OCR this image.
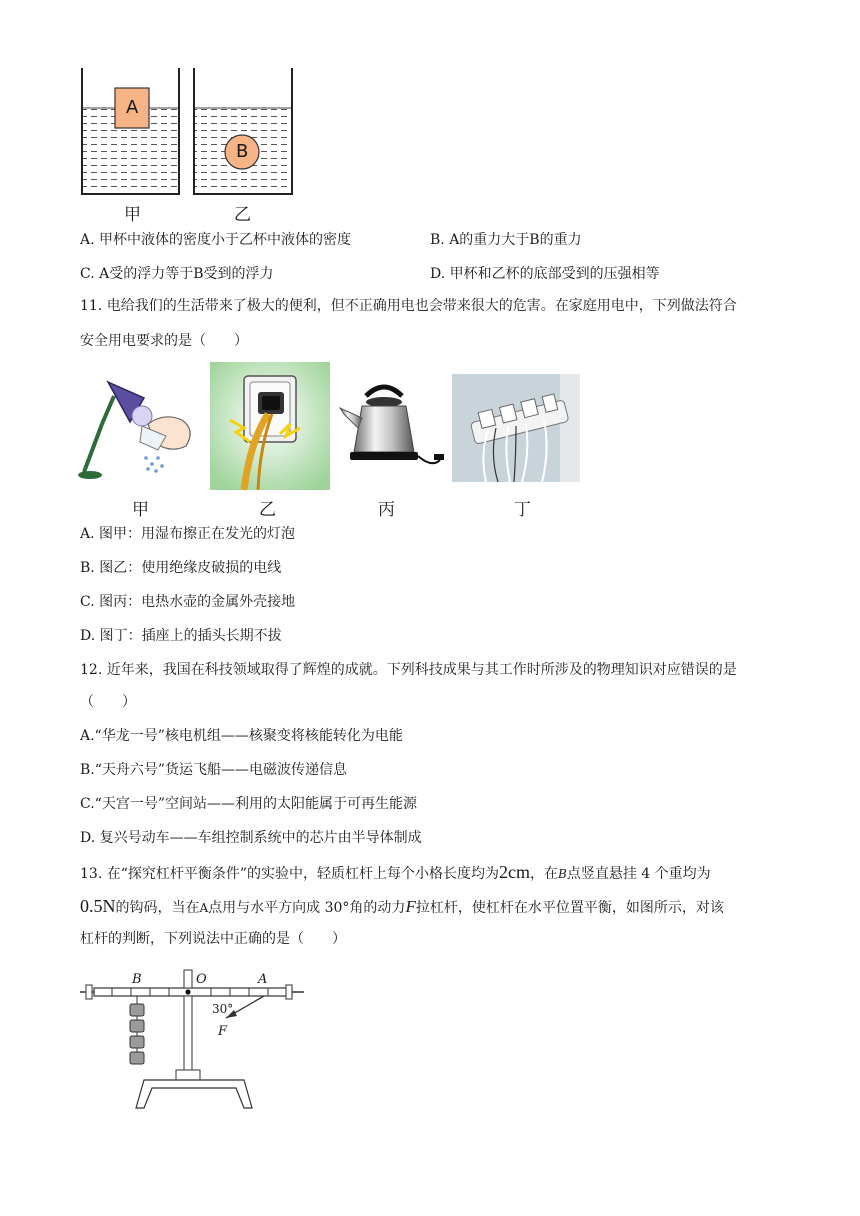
A
B
甲	乙
A. 甲杯中液体的密度小于乙杯中液体的密度	B. A的重力大于B的重力
C. A受的浮力等于B受到的浮力	D. 甲杯和乙杯的底部受到的压强相等
11. 电给我们的生活带来了极大的便利，但不正确用电也会带来很大的危害。在家庭用电中，下列做法符合
安全用电要求的是（　　）
甲	乙	丙	丁
A. 图甲：用湿布擦正在发光的灯泡
B. 图乙：使用绝缘皮破损的电线
C. 图丙：电热水壶的金属外壳接地
D. 图丁：插座上的插头长期不拔
12. 近年来，我国在科技领域取得了辉煌的成就。下列科技成果与其工作时所涉及的物理知识对应错误的是
（　　）
A.“华龙一号”核电机组——核聚变将核能转化为电能
B.“天舟六号”货运飞船——电磁波传递信息
C.“天宫一号”空间站——利用的太阳能属于可再生能源
D. 复兴号动车——车组控制系统中的芯片由半导体制成
13. 在“探究杠杆平衡条件”的实验中，轻质杠杆上每个小格长度均为2cm，在B点竖直悬挂 4 个重均为
0.5N的钩码，当在A点用与水平方向成 30°角的动力F拉杠杆，使杠杆在水平位置平衡，如图所示，对该
杠杆的判断，下列说法中正确的是（　　）
B	O	A
30°
F
